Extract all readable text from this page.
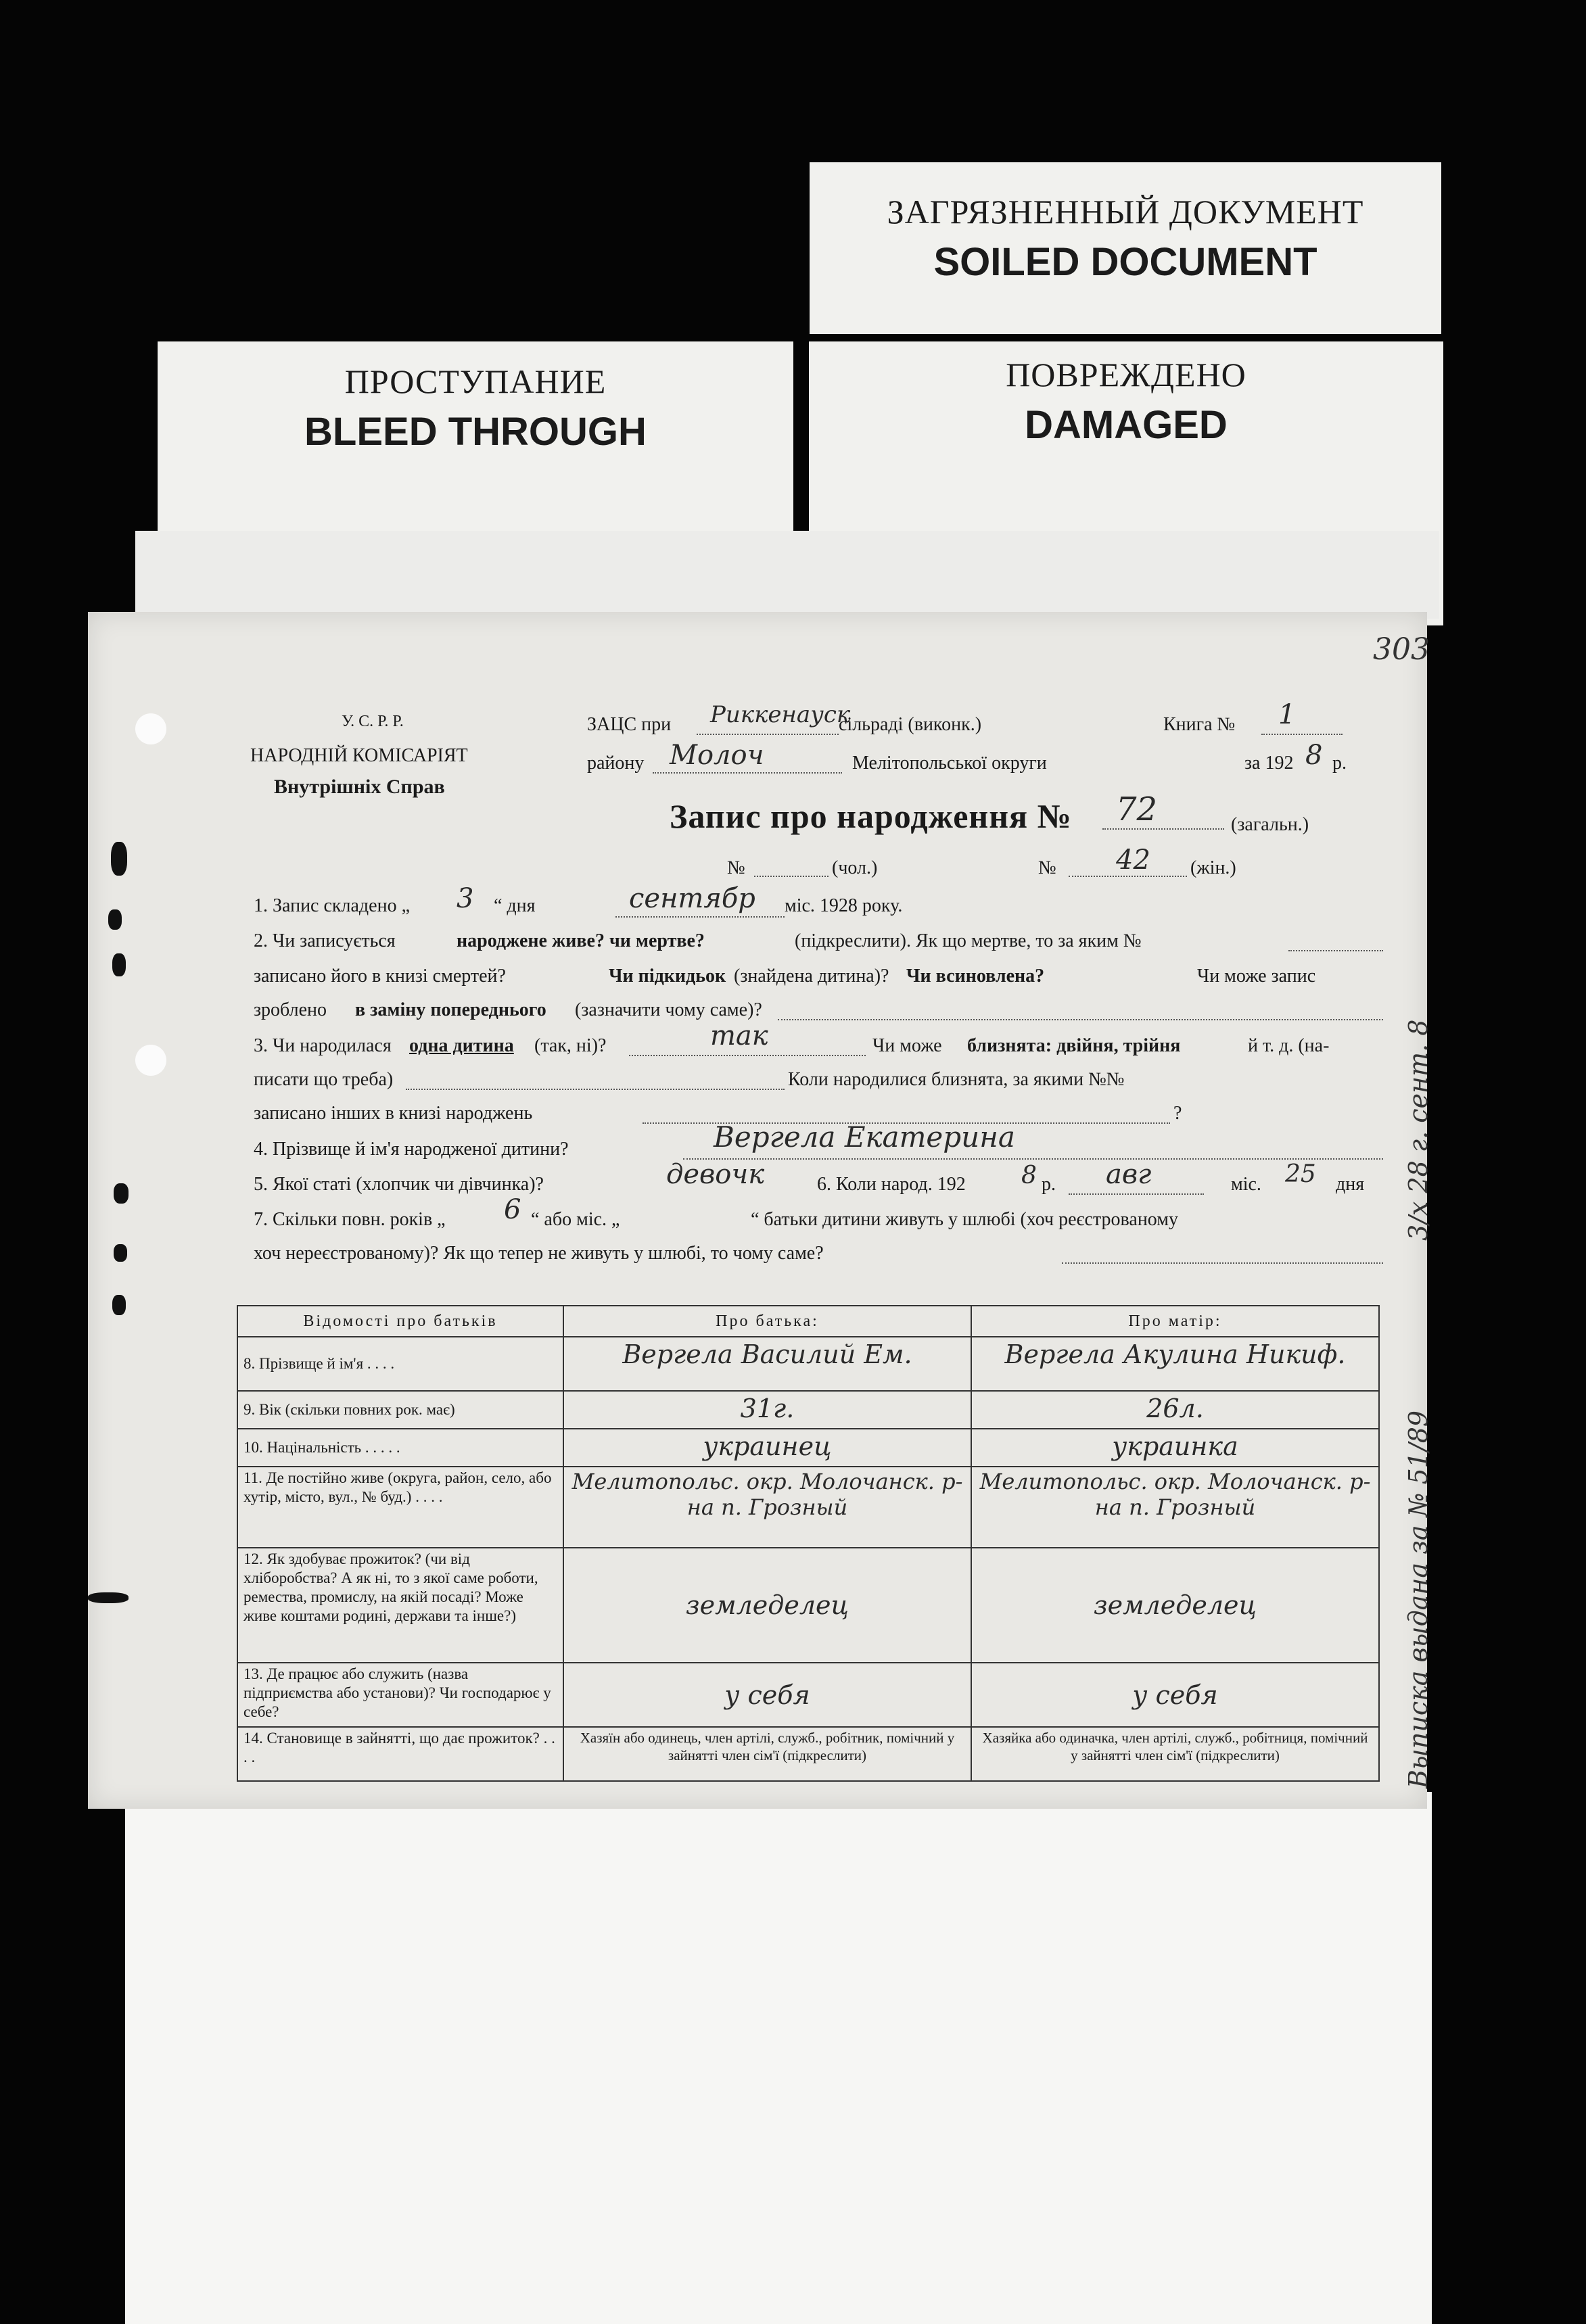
ЗАГРЯЗНЕННЫЙ ДОКУМЕНТ
SOILED DOCUMENT
ПРОСТУПАНИЕ
BLEED THROUGH
ПОВРЕЖДЕНО
DAMAGED
303
У. С. Р. Р.
НАРОДНІЙ КОМІСАРІЯТ
Внутрішніх Справ
ЗАЦС при Риккенауск
сільраді (виконк.)	Книга № 1
району Молоч	Мелітопольської округи	за 192 8 р.
Запис про народження № 72	(загальн.)
№	(чол.)	№ 42 (жін.)
1. Запис складено „ 3 “ дня	сентябр міс. 1928 року.
2. Чи записується	народжене живе? чи мертве?	(підкреслити). Як що мертве, то за яким №
записано його в книзі смертей?	Чи підкидьок (знайдена дитина)? Чи всиновлена?	Чи може запис
зроблено в заміну попереднього (зазначити чому саме)?
3. Чи народилася одна дитина (так, ні)?	так	Чи може близнята: двійня, трійня	й т. д. (на-
писати що треба)	Коли народилися близнята, за якими №№
записано інших в книзі народжень	?
4. Прізвище й ім'я народженої дитини?	Вергела Екатерина
5. Якої статі (хлопчик чи дівчинка)?	девочк	6. Коли народ. 192 8 р. авг	міс. 25 дня
7. Скільки повн. років „ 6 “ або міс. „	“ батьки дитини живуть у шлюбі (хоч реєстрованому
хоч нереєстрованому)? Як що тепер не живуть у шлюбі, то чому саме?
Відомості про батьків	Про батька:	Про матір:
8. Прізвище й ім'я . . . .	Вергела Василий Ем.	Вергела Акулина Никиф.

9. Вік (скільки повних рок. має)	31г.	26л.

10. Націнальність . . . . .	украинец	украинка

11. Де постійно живе (округа, район, село, або хутір, місто, вул., № буд.) . . . .	Мелитопольс. окр. Молочанск. р-на п. Грозный	Мелитопольс. окр. Молочанск. р-на п. Грозный

12. Як здобуває прожиток? (чи від хліборобства? А як ні, то з якої саме роботи, ремества, промислу, на якій посаді? Може живе коштами родині, держави та інше?)	земледелец	земледелец

13. Де працює або служить (назва підприємства або установи)? Чи господарює у себе?	у себя	у себя

14. Становище в зайнятті, що дає прожиток? . . . .	Хазяїн або одинець, член артілі, служб., робітник, помічний у зайнятті член сім'ї (підкреслити)	Хазяйка або одиначка, член артілі, служб., робітниця, помічний у зайнятті член сім'ї (підкреслити)
3/х 28 г. сент. 8
Выписка выдана за № 51/89
